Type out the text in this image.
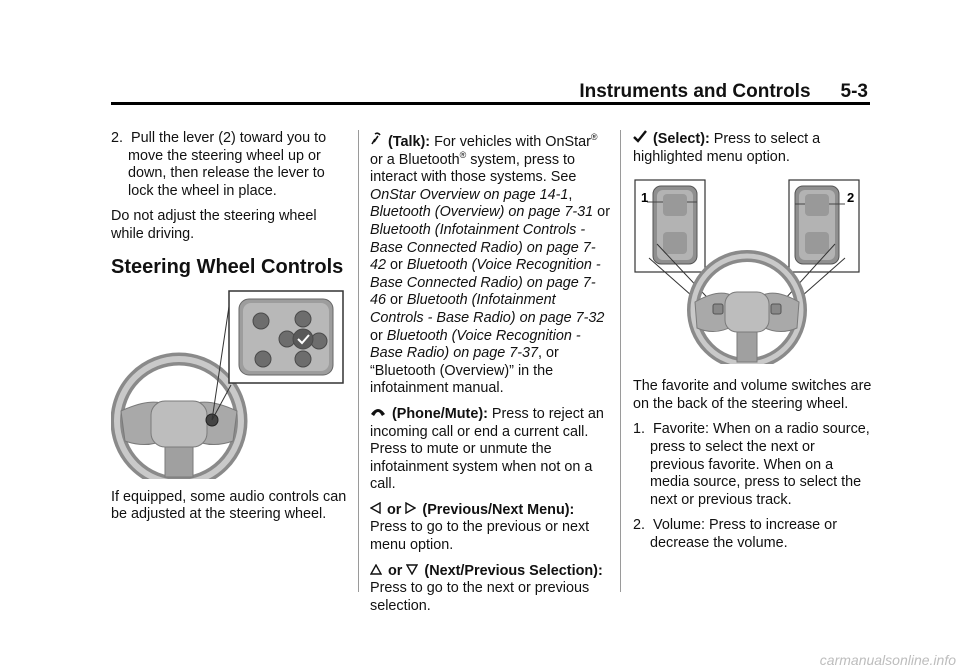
Instruments and Controls 5-3
2. Pull the lever (2) toward you to move the steering wheel up or down, then release the lever to lock the wheel in place.

Do not adjust the steering wheel while driving.

Steering Wheel Controls

If equipped, some audio controls can be adjusted at the steering wheel.

(Talk): For vehicles with OnStar® or a Bluetooth® system, press to interact with those systems. See OnStar Overview on page 14-1, Bluetooth (Overview) on page 7-31 or Bluetooth (Infotainment Controls - Base Connected Radio) on page 7-42 or Bluetooth (Voice Recognition - Base Connected Radio) on page 7-46 or Bluetooth (Infotainment Controls - Base Radio) on page 7-32 or Bluetooth (Voice Recognition - Base Radio) on page 7-37, or “Bluetooth (Overview)” in the infotainment manual.

(Phone/Mute): Press to reject an incoming call or end a current call. Press to mute or unmute the infotainment system when not on a call.

or (Previous/Next Menu):
Press to go to the previous or next menu option.

or (Next/Previous Selection): Press to go to the next or previous selection.

(Select): Press to select a highlighted menu option.

1	2

The favorite and volume switches are on the back of the steering wheel.

1. Favorite: When on a radio source, press to select the next or previous favorite. When on a media source, press to select the next or previous track.
2. Volume: Press to increase or decrease the volume.
carmanualsonline.info
